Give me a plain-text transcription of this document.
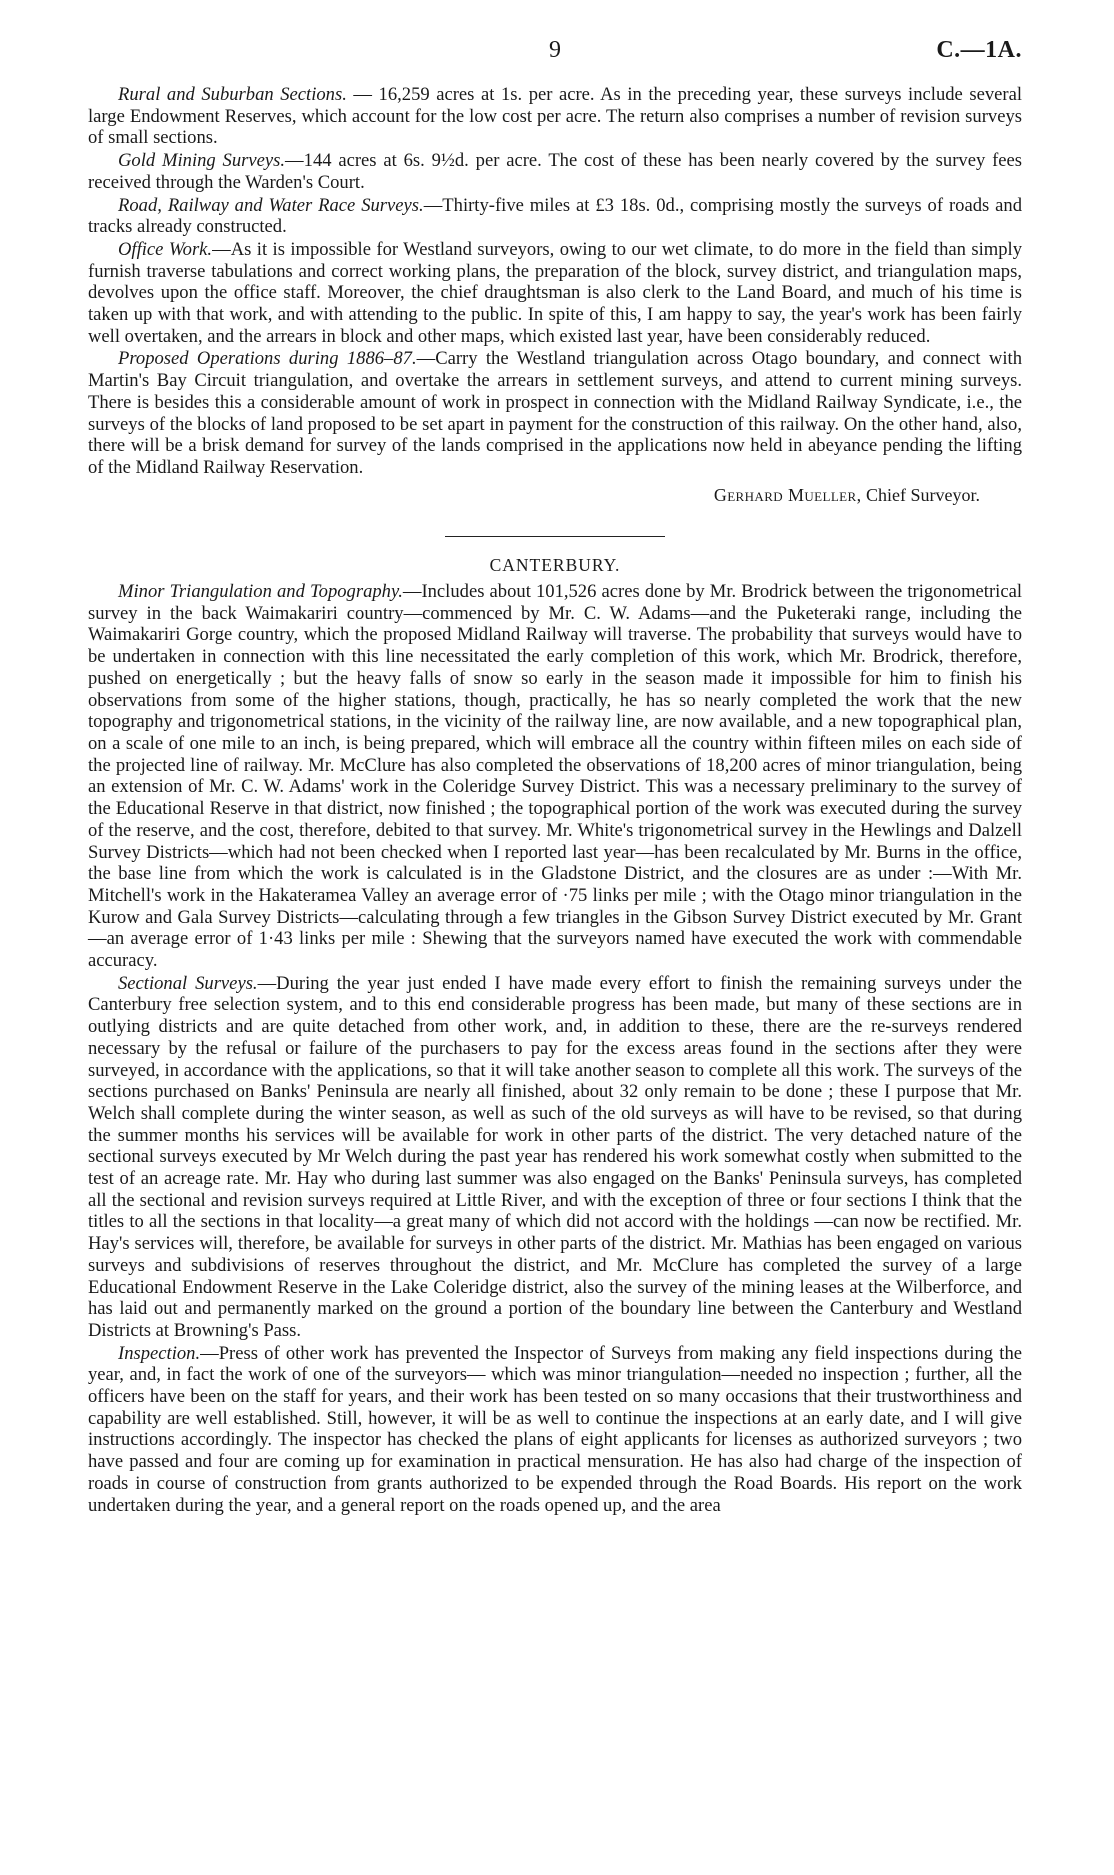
9	C.—1A.

Rural and Suburban Sections. — 16,259 acres at 1s. per acre. As in the preceding year, these surveys include several large Endowment Reserves, which account for the low cost per acre. The return also comprises a number of revision surveys of small sections.

Gold Mining Surveys.—144 acres at 6s. 9½d. per acre. The cost of these has been nearly covered by the survey fees received through the Warden's Court.

Road, Railway and Water Race Surveys.—Thirty-five miles at £3 18s. 0d., comprising mostly the surveys of roads and tracks already constructed.

Office Work.—As it is impossible for Westland surveyors, owing to our wet climate, to do more in the field than simply furnish traverse tabulations and correct working plans, the preparation of the block, survey district, and triangulation maps, devolves upon the office staff. Moreover, the chief draughtsman is also clerk to the Land Board, and much of his time is taken up with that work, and with attending to the public. In spite of this, I am happy to say, the year's work has been fairly well overtaken, and the arrears in block and other maps, which existed last year, have been considerably reduced.

Proposed Operations during 1886–87.—Carry the Westland triangulation across Otago boundary, and connect with Martin's Bay Circuit triangulation, and overtake the arrears in settlement surveys, and attend to current mining surveys. There is besides this a considerable amount of work in prospect in connection with the Midland Railway Syndicate, i.e., the surveys of the blocks of land proposed to be set apart in payment for the construction of this railway. On the other hand, also, there will be a brisk demand for survey of the lands comprised in the applications now held in abeyance pending the lifting of the Midland Railway Reservation.

Gerhard Mueller, Chief Surveyor.
CANTERBURY.

Minor Triangulation and Topography.—Includes about 101,526 acres done by Mr. Brodrick between the trigonometrical survey in the back Waimakariri country—commenced by Mr. C. W. Adams—and the Puketeraki range, including the Waimakariri Gorge country, which the proposed Midland Railway will traverse. The probability that surveys would have to be undertaken in connection with this line necessitated the early completion of this work, which Mr. Brodrick, therefore, pushed on energetically ; but the heavy falls of snow so early in the season made it impossible for him to finish his observations from some of the higher stations, though, practically, he has so nearly completed the work that the new topography and trigonometrical stations, in the vicinity of the railway line, are now available, and a new topographical plan, on a scale of one mile to an inch, is being prepared, which will embrace all the country within fifteen miles on each side of the projected line of railway. Mr. McClure has also completed the observations of 18,200 acres of minor triangulation, being an extension of Mr. C. W. Adams' work in the Coleridge Survey District. This was a necessary preliminary to the survey of the Educational Reserve in that district, now finished ; the topographical portion of the work was executed during the survey of the reserve, and the cost, therefore, debited to that survey. Mr. White's trigonometrical survey in the Hewlings and Dalzell Survey Districts—which had not been checked when I reported last year—has been recalculated by Mr. Burns in the office, the base line from which the work is calculated is in the Gladstone District, and the closures are as under :—With Mr. Mitchell's work in the Hakateramea Valley an average error of ·75 links per mile ; with the Otago minor triangulation in the Kurow and Gala Survey Districts—calculating through a few triangles in the Gibson Survey District executed by Mr. Grant—an average error of 1·43 links per mile : Shewing that the surveyors named have executed the work with commendable accuracy.

Sectional Surveys.—During the year just ended I have made every effort to finish the remaining surveys under the Canterbury free selection system, and to this end considerable progress has been made, but many of these sections are in outlying districts and are quite detached from other work, and, in addition to these, there are the re-surveys rendered necessary by the refusal or failure of the purchasers to pay for the excess areas found in the sections after they were surveyed, in accordance with the applications, so that it will take another season to complete all this work. The surveys of the sections purchased on Banks' Peninsula are nearly all finished, about 32 only remain to be done ; these I purpose that Mr. Welch shall complete during the winter season, as well as such of the old surveys as will have to be revised, so that during the summer months his services will be available for work in other parts of the district. The very detached nature of the sectional surveys executed by Mr Welch during the past year has rendered his work somewhat costly when submitted to the test of an acreage rate. Mr. Hay who during last summer was also engaged on the Banks' Peninsula surveys, has completed all the sectional and revision surveys required at Little River, and with the exception of three or four sections I think that the titles to all the sections in that locality—a great many of which did not accord with the holdings —can now be rectified. Mr. Hay's services will, therefore, be available for surveys in other parts of the district. Mr. Mathias has been engaged on various surveys and subdivisions of reserves throughout the district, and Mr. McClure has completed the survey of a large Educational Endowment Reserve in the Lake Coleridge district, also the survey of the mining leases at the Wilberforce, and has laid out and permanently marked on the ground a portion of the boundary line between the Canterbury and Westland Districts at Browning's Pass.

Inspection.—Press of other work has prevented the Inspector of Surveys from making any field inspections during the year, and, in fact the work of one of the surveyors— which was minor triangulation—needed no inspection ; further, all the officers have been on the staff for years, and their work has been tested on so many occasions that their trustworthiness and capability are well established. Still, however, it will be as well to continue the inspections at an early date, and I will give instructions accordingly. The inspector has checked the plans of eight applicants for licenses as authorized surveyors ; two have passed and four are coming up for examination in practical mensuration. He has also had charge of the inspection of roads in course of construction from grants authorized to be expended through the Road Boards. His report on the work undertaken during the year, and a general report on the roads opened up, and the area
